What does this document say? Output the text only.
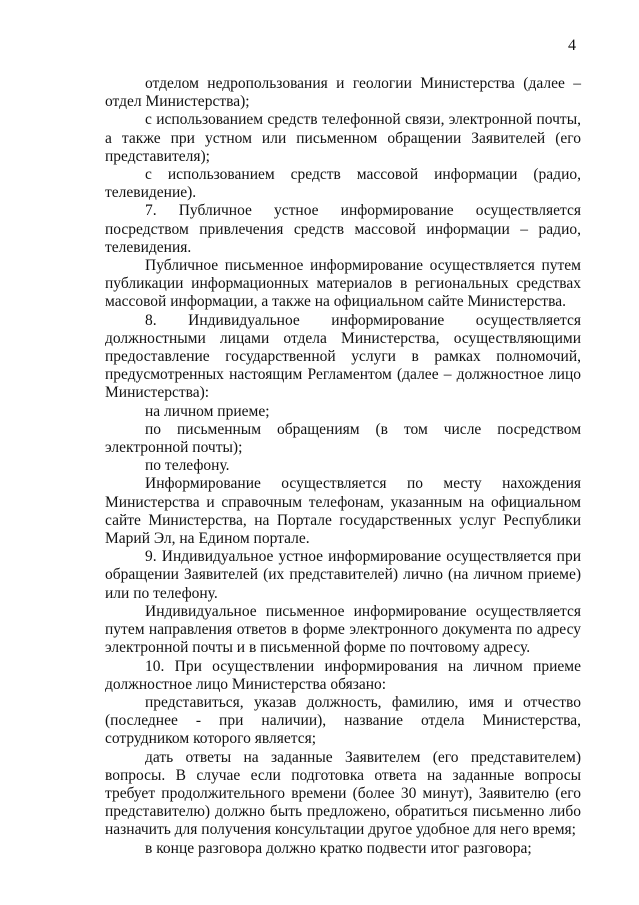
4

отделом недропользования и геологии Министерства (далее – отдел Министерства);

с использованием средств телефонной связи, электронной почты, а также при устном или письменном обращении Заявителей (его представителя);

с использованием средств массовой информации (радио, телевидение).

7. Публичное устное информирование осуществляется посредством привлечения средств массовой информации – радио, телевидения.

Публичное письменное информирование осуществляется путем публикации информационных материалов в региональных средствах массовой информации, а также на официальном сайте Министерства.

8. Индивидуальное информирование осуществляется должностными лицами отдела Министерства, осуществляющими предоставление государственной услуги в рамках полномочий, предусмотренных настоящим Регламентом (далее – должностное лицо Министерства):

на личном приеме;

по письменным обращениям (в том числе посредством электронной почты);

по телефону.

Информирование осуществляется по месту нахождения Министерства и справочным телефонам, указанным на официальном сайте Министерства, на Портале государственных услуг Республики Марий Эл, на Едином портале.

9. Индивидуальное устное информирование осуществляется при обращении Заявителей (их представителей) лично (на личном приеме) или по телефону.

Индивидуальное письменное информирование осуществляется путем направления ответов в форме электронного документа по адресу электронной почты и в письменной форме по почтовому адресу.

10. При осуществлении информирования на личном приеме должностное лицо Министерства обязано:

представиться, указав должность, фамилию, имя и отчество (последнее - при наличии), название отдела Министерства, сотрудником которого является;

дать ответы на заданные Заявителем (его представителем) вопросы. В случае если подготовка ответа на заданные вопросы требует продолжительного времени (более 30 минут), Заявителю (его представителю) должно быть предложено, обратиться письменно либо назначить для получения консультации другое удобное для него время;

в конце разговора должно кратко подвести итог разговора;
